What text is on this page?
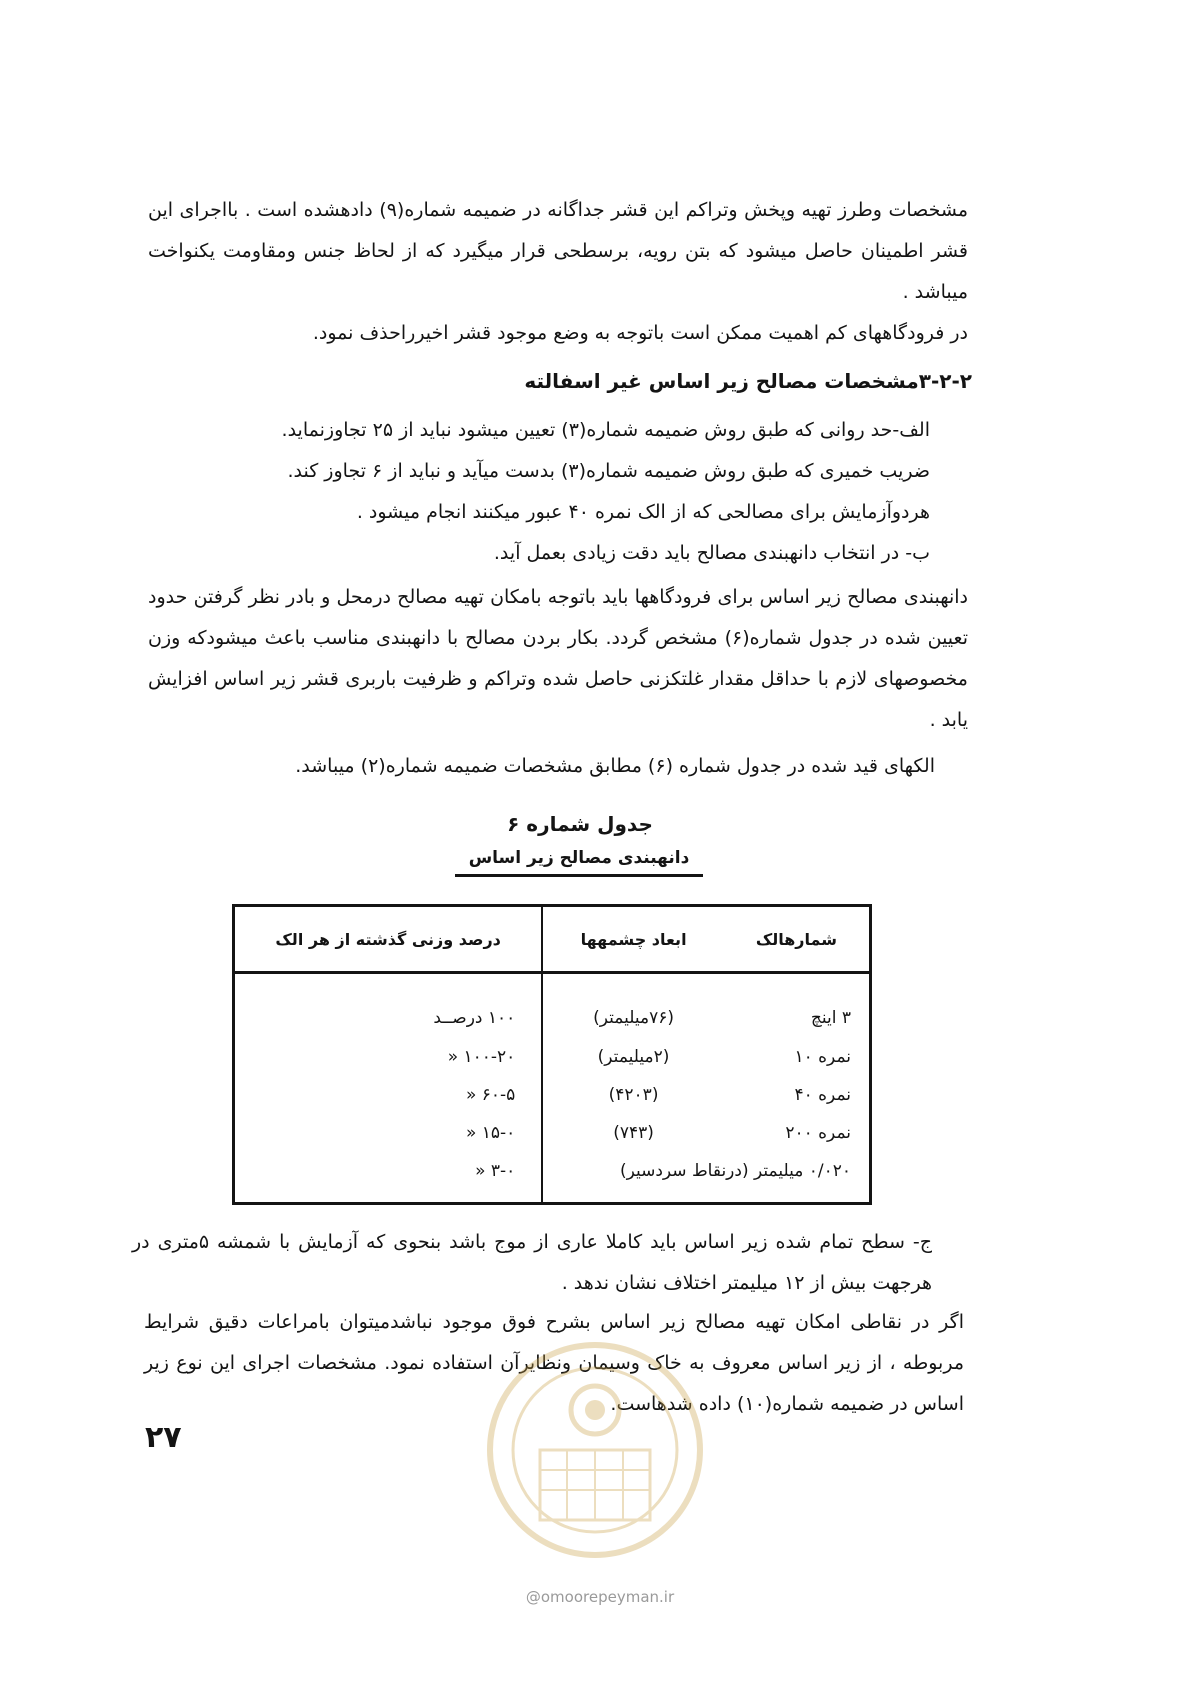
مشخصات وطرز تهیه وپخش وتراکم این قشر جداگانه در ضمیمه شماره(۹) دادهشده است . بااجرای این قشر اطمینان حاصل میشود که بتن رویه، برسطحی قرار میگیرد که از لحاظ جنس ومقاومت یکنواخت میباشد .

در فرودگاههای کم اهمیت ممکن است باتوجه به وضع موجود قشر اخیرراحذف نمود.

۳-۲-۲مشخصات مصالح زیر اساس غیر اسفالته

الف-حد روانی که طبق روش ضمیمه شماره(۳) تعیین میشود نباید از ۲۵ تجاوزنماید.
ضریب خمیری که طبق روش ضمیمه شماره(۳) بدست میآید و نباید از ۶ تجاوز کند.
هردوآزمایش برای مصالحی که از الک نمره ۴۰ عبور میکنند انجام میشود .
ب- در انتخاب دانهبندی مصالح باید دقت زیادی بعمل آید.

دانهبندی مصالح زیر اساس برای فرودگاهها باید باتوجه بامکان تهیه مصالح درمحل و بادر نظر گرفتن حدود تعیین شده در جدول شماره(۶) مشخص گردد. بکار بردن مصالح با دانهبندی مناسب باعث میشودکه وزن مخصوصهای لازم با حداقل مقدار غلتکزنی حاصل شده وتراکم و ظرفیت باربری قشر زیر اساس افزایش یابد .

الکهای قید شده در جدول شماره (۶) مطابق مشخصات ضمیمه شماره(۲) میباشد.

جدول شماره ۶

دانهبندی مصالح زیر اساس

شمارهالک	ابعاد چشمهها	درصد وزنی گذشته از هر الک
۳ اینچ	(۷۶میلیمتر)	۱۰۰ درصــد
نمره ۱۰	(۲میلیمتر)	۱۰۰-۲۰ «
نمره ۴۰	(۴۲۰۳)	۶۰-۵ «
نمره ۲۰۰	(۷۴۳)	۱۵-۰ «
۰/۰۲۰ میلیمتر (درنقاط سردسیر)		۳-۰ «

ج- سطح تمام شده زیر اساس باید کاملا عاری از موج باشد بنحوی که آزمایش با شمشه ۵متری در هرجهت بیش از ۱۲ میلیمتر اختلاف نشان ندهد .

اگر در نقاطی امکان تهیه مصالح زیر اساس بشرح فوق موجود نباشدمیتوان بامراعات دقیق شرایط مربوطه ، از زیر اساس معروف به خاک وسیمان ونظایرآن استفاده نمود. مشخصات اجرای این نوع زیر اساس در ضمیمه شماره(۱۰) داده شدهاست.

۲۷

@omoorepeyman.ir
